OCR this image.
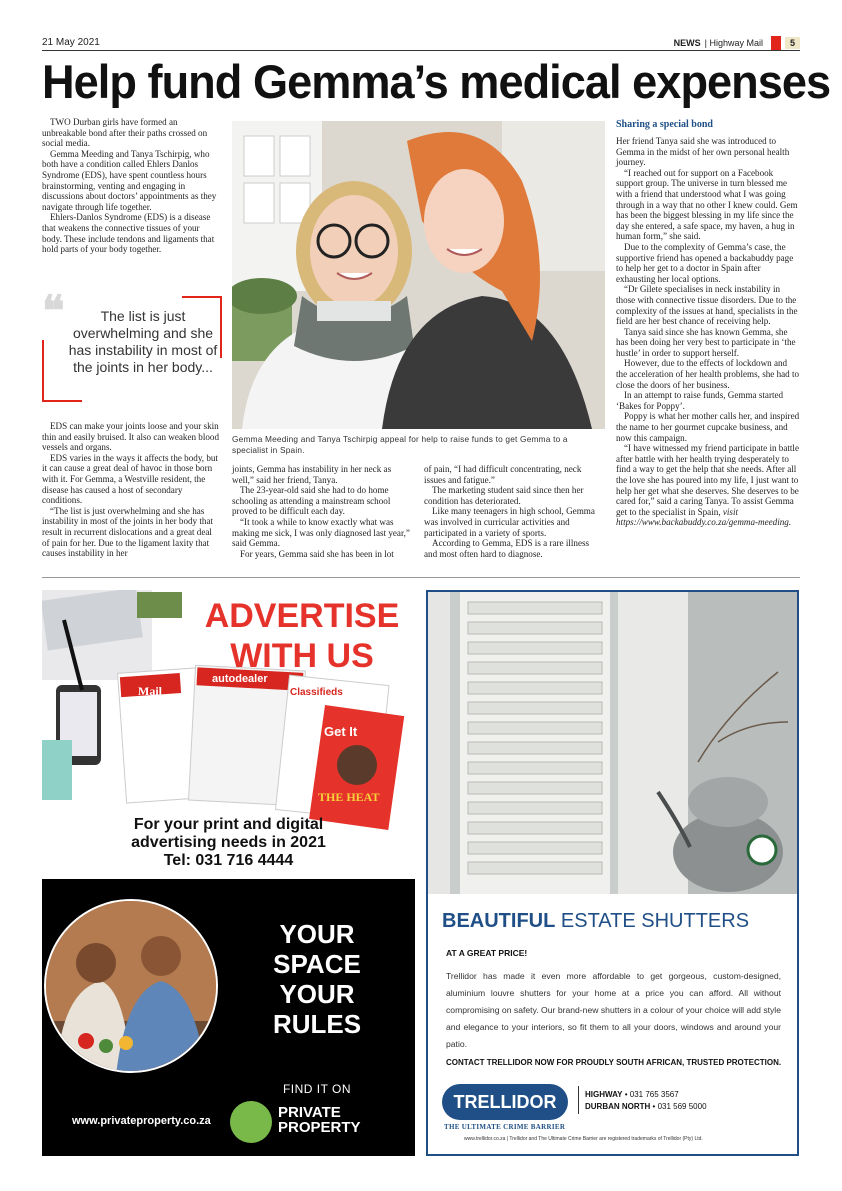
21 May 2021	NEWS | Highway Mail	5
Help fund Gemma’s medical expenses

TWO Durban girls have formed an unbreakable bond after their paths crossed on social media.

Gemma Meeding and Tanya Tschirpig, who both have a condition called Ehlers Danlos Syndrome (EDS), have spent countless hours brainstorming, venting and engaging in discussions about doctors’ appointments as they navigate through life together.

Ehlers-Danlos Syndrome (EDS) is a disease that weakens the connective tissues of your body. These include tendons and ligaments that hold parts of your body together.

❝	The list is just overwhelming and she has instability in most of the joints in her body...

EDS can make your joints loose and your skin thin and easily bruised. It also can weaken blood vessels and organs.

EDS varies in the ways it affects the body, but it can cause a great deal of havoc in those born with it. For Gemma, a Westville resident, the disease has caused a host of secondary conditions.

“The list is just overwhelming and she has instability in most of the joints in her body that result in recurrent dislocations and a great deal of pain for her. Due to the ligament laxity that causes instability in her

Gemma Meeding and Tanya Tschirpig appeal for help to raise funds to get Gemma to a specialist in Spain.

joints, Gemma has instability in her neck as well,” said her friend, Tanya.

The 23-year-old said she had to do home schooling as attending a mainstream school proved to be difficult each day.

“It took a while to know exactly what was making me sick, I was only diagnosed last year,” said Gemma.

For years, Gemma said she has been in lot

of pain, “I had difficult concentrating, neck issues and fatigue.”

The marketing student said since then her condition has deteriorated.

Like many teenagers in high school, Gemma was involved in curricular activities and participated in a variety of sports.

According to Gemma, EDS is a rare illness and most often hard to diagnose.

Sharing a special bond

Her friend Tanya said she was introduced to Gemma in the midst of her own personal health journey.

“I reached out for support on a Facebook support group. The universe in turn blessed me with a friend that understood what I was going through in a way that no other I knew could. Gem has been the biggest blessing in my life since the day she entered, a safe space, my haven, a hug in human form,” she said.

Due to the complexity of Gemma’s case, the supportive friend has opened a backabuddy page to help her get to a doctor in Spain after exhausting her local options.

“Dr Gilete specialises in neck instability in those with connective tissue disorders. Due to the complexity of the issues at hand, specialists in the field are her best chance of receiving help.

Tanya said since she has known Gemma, she has been doing her very best to participate in ‘the hustle’ in order to support herself.

However, due to the effects of lockdown and the acceleration of her health problems, she had to close the doors of her business.

In an attempt to raise funds, Gemma started ‘Bakes for Poppy’.

Poppy is what her mother calls her, and inspired the name to her gourmet cupcake business, and now this campaign.

“I have witnessed my friend participate in battle after battle with her health trying desperately to find a way to get the help that she needs. After all the love she has poured into my life, I just want to help her get what she deserves. She deserves to be cared for,” said a caring Tanya. To assist Gemma get to the specialist in Spain, visit https://www.backabuddy.co.za/gemma-meeding.

ADVERTISE WITH US
For your print and digital
advertising needs in 2021
Tel: 031 716 4444
Mail
autodealer
Classifieds
Get It
THE HEAT
YOUR SPACE YOUR RULES
FIND IT ON
PRIVATE PROPERTY
www.privateproperty.co.za
BEAUTIFUL ESTATE SHUTTERS
AT A GREAT PRICE!
Trellidor has made it even more affordable to get gorgeous, custom-designed, aluminium louvre shutters for your home at a price you can afford. All without compromising on safety. Our brand-new shutters in a colour of your choice will add style and elegance to your interiors, so fit them to all your doors, windows and around your patio.
CONTACT TRELLIDOR NOW FOR PROUDLY SOUTH AFRICAN, TRUSTED PROTECTION.
TRELLIDOR
THE ULTIMATE CRIME BARRIER
HIGHWAY • 031 765 3567
DURBAN NORTH • 031 569 5000
www.trellidor.co.za | Trellidor and The Ultimate Crime Barrier are registered trademarks of Trellidor (Pty) Ltd.
